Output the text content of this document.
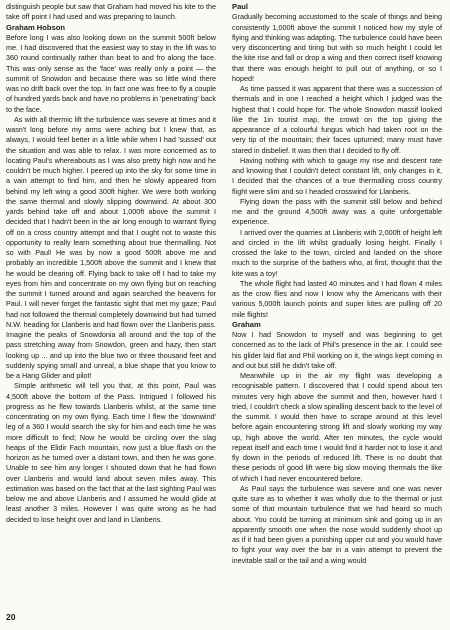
distinguish people but saw that Graham had moved his kite to the take off point I had used and was preparing to launch.

Graham Hobson

Before long I was also looking down on the summit 500ft below me. I had discovered that the easiest way to stay in the lift was to 360 round continually rather than beat to and fro along the face. This was only sense as the 'face' was really only a point — the summit of Snowdon and because there was so little wind there was no drift back over the top. In fact one was free to fly a couple of hundred yards back and have no problems in 'penetrating' back to the face.

As with all thermic lift the turbulence was severe at times and it wasn't long before my arms were aching but I knew that, as always, I would feel better in a little while when I had 'sussed' out the situation and was able to relax. I was more concerned as to locating Paul's whereabouts as I was also pretty high now and he couldn't be much higher. I peered up into the sky for some time in a vain attempt to find him, and then he slowly appeared from behind my left wing a good 300ft higher. We were both working the same thermal and slowly slipping downwind. At about 300 yards behind take off and about 1,000ft above the summit I decided that I hadn't been in the air long enough to warrant flying off on a cross country attempt and that I ought not to waste this opportunity to really learn something about true thermalling. Not so with Paul! He was by now a good 500ft above me and probably an incredible 1,500ft above the summit and I knew that he would be clearing off. Flying back to take off I had to take my eyes from him and concentrate on my own flying but on reaching the summit I turned around and again searched the heavens for Paul. I will never forget the fantastic sight that met my gaze; Paul had not followed the thermal completely downwind but had turned N.W. heading for Llanberis and had flown over the Llanberis pass. Imagine the peaks of Snowdonia all around and the top of the pass stretching away from Snowdon, green and hazy, then start looking up ... and up into the blue two or three thousand feet and suddenly spying small and unreal, a blue shape that you know to be a Hang Glider and pilot!

Simple arithmetic will tell you that, at this point, Paul was 4,500ft above the bottom of the Pass. Intrigued I followed his progress as he flew towards Llanberis whilst, at the same time concentrating on my own flying. Each time I flew the 'downwind' leg of a 360 I would search the sky for him and each time he was more difficult to find; Now he would be circling over the slag heaps of the Elidir Fach mountain, now just a blue flash on the horizon as he turned over a distant town, and then he was gone. Unable to see him any longer I shouted down that he had flown over Llanberis and would land about seven miles away. This estimation was based on the fact that at the last sighting Paul was below me and above Llanberis and I assumed he would glide at least another 3 miles. However I was quite wrong as he had decided to lose height over and land in Llanberis.

Paul

Gradually becoming accustomed to the scale of things and being consistently 1,000ft above the summit I noticed how my style of flying and thinking was adapting. The turbulence could have been very disconcerting and tiring but with so much height I could let the kite rise and fall or drop a wing and then correct itself knowing that there was enough height to pull out of anything, or so I hoped!

As time passed it was apparent that there was a succession of thermals and in one I reached a height which I judged was the highest that I could hope for. The whole Snowdon massif looked like the 1in tourist map, the crowd on the top giving the appearance of a colourful fungus which had taken root on the very tip of the mountain; their faces upturned; many must have stared in disbelief. It was then that I decided to fly off.

Having nothing with which to gauge my rise and descent rate and knowing that I couldn't detect constant lift, only changes in it, I decided that the chances of a true thermalling cross country flight were slim and so I headed crosswind for Llanberis.

Flying down the pass with the summit still below and behind me and the ground 4,500ft away was a quite unforgettable experience.

I arrived over the quarries at Llanberis with 2,000ft of height left and circled in the lift whilst gradually losing height. Finally I crossed the lake to the town, circled and landed on the shore much to the surprise of the bathers who, at first, thought that the kite was a toy!

The whole flight had lasted 40 minutes and I had flown 4 miles as the crow flies and now I know why the Americans with their various 5,000ft launch points and super kites are pulling off 20 mile flights!

Graham

Now I had Snowdon to myself and was beginning to get concerned as to the lack of Phil's presence in the air. I could see his glider laid flat and Phil working on it, the wings kept coming in and out but still he didn't take off.

Meanwhile up in the air my flight was developing a recognisable pattern. I discovered that I could spend about ten minutes very high above the summit and then, however hard I tried, I couldn't check a slow spiralling descent back to the level of the summit. I would then have to scrape around at this level before again encountering strong lift and slowly working my way up, high above the world. After ten minutes, the cycle would repeat itself and each time I would find it harder not to lose it and fly down in the periods of reduced lift. There is no doubt that these periods of good lift were big slow moving thermals the like of which I had never encountered before.

As Paul says the turbulence was severe and one was never quite sure as to whether it was wholly due to the thermal or just some of that mountain turbulence that we had heard so much about. You could be turning at minimum sink and going up in an apparently smooth one when the nose would suddenly shoot up as if it had been given a punishing upper cut and you would have to fight your way over the bar in a vain attempt to prevent the inevitable stall or the tail and a wing would

20
